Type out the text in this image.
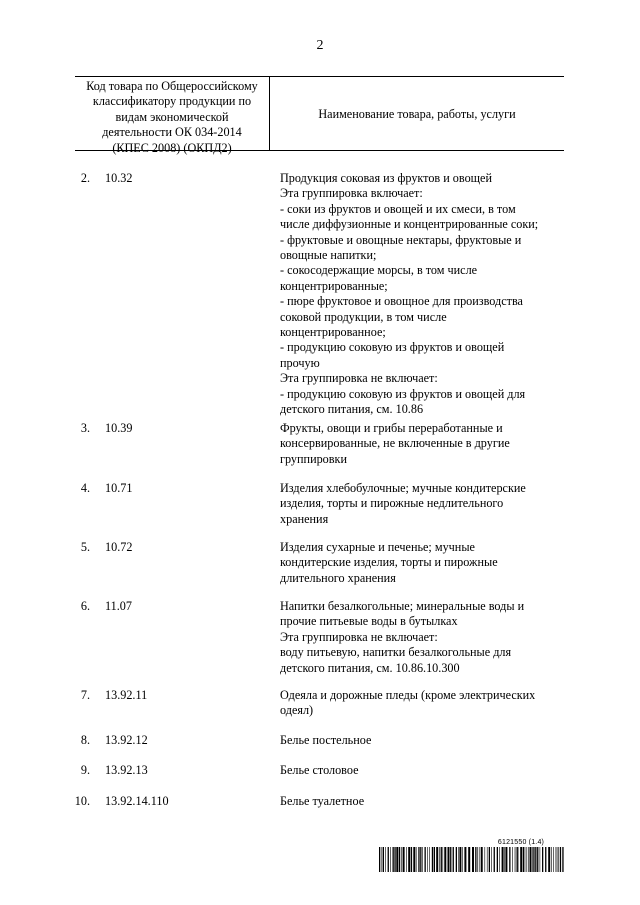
2
Код товара по Общероссийскому
классификатору продукции по
видам экономической
деятельности ОК 034-2014
(КПЕС 2008) (ОКПД2)
Наименование товара, работы, услуги
2. 10.32	Продукция соковая из фруктов и овощей
Эта группировка включает:
- соки из фруктов и овощей и их смеси, в том
числе диффузионные и концентрированные соки;
- фруктовые и овощные нектары, фруктовые и
овощные напитки;
- сокосодержащие морсы, в том числе
концентрированные;
- пюре фруктовое и овощное для производства
соковой продукции, в том числе
концентрированное;
- продукцию соковую из фруктов и овощей
прочую
Эта группировка не включает:
- продукцию соковую из фруктов и овощей для
детского питания, см. 10.86
3. 10.39	Фрукты, овощи и грибы переработанные и
консервированные, не включенные в другие
группировки
4. 10.71	Изделия хлебобулочные; мучные кондитерские
изделия, торты и пирожные недлительного
хранения
5. 10.72	Изделия сухарные и печенье; мучные
кондитерские изделия, торты и пирожные
длительного хранения
6. 11.07	Напитки безалкогольные; минеральные воды и
прочие питьевые воды в бутылках
Эта группировка не включает:
воду питьевую, напитки безалкогольные для
детского питания, см. 10.86.10.300
7. 13.92.11	Одеяла и дорожные пледы (кроме электрических
одеял)
8. 13.92.12	Белье постельное
9. 13.92.13	Белье столовое
10. 13.92.14.110	Белье туалетное
6121550 (1.4)
